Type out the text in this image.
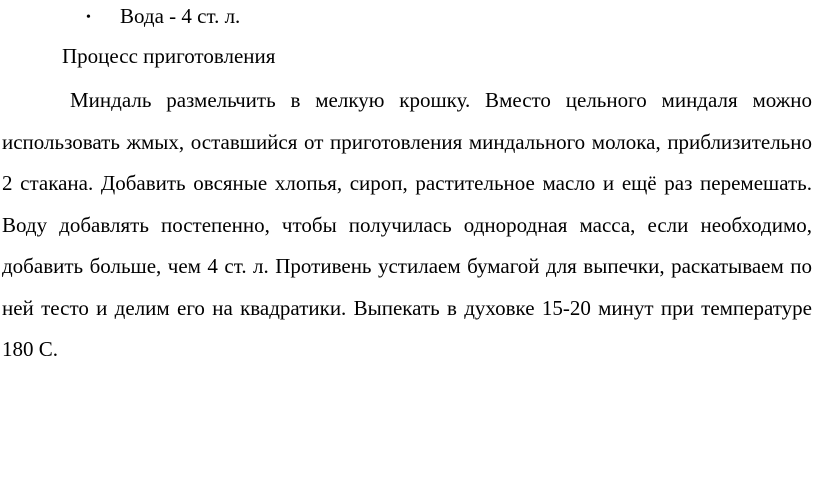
• Вода - 4 ст. л.
Процесс приготовления

Миндаль размельчить в мелкую крошку. Вместо цельного миндаля можно использовать жмых, оставшийся от приготовления миндального молока, приблизительно 2 стакана. Добавить овсяные хлопья, сироп, растительное масло и ещё раз перемешать. Воду добавлять постепенно, чтобы получилась однородная масса, если необходимо, добавить больше, чем 4 ст. л. Противень устилаем бумагой для выпечки, раскатываем по ней тесто и делим его на квадратики. Выпекать в духовке 15-20 минут при температуре 180 С.
